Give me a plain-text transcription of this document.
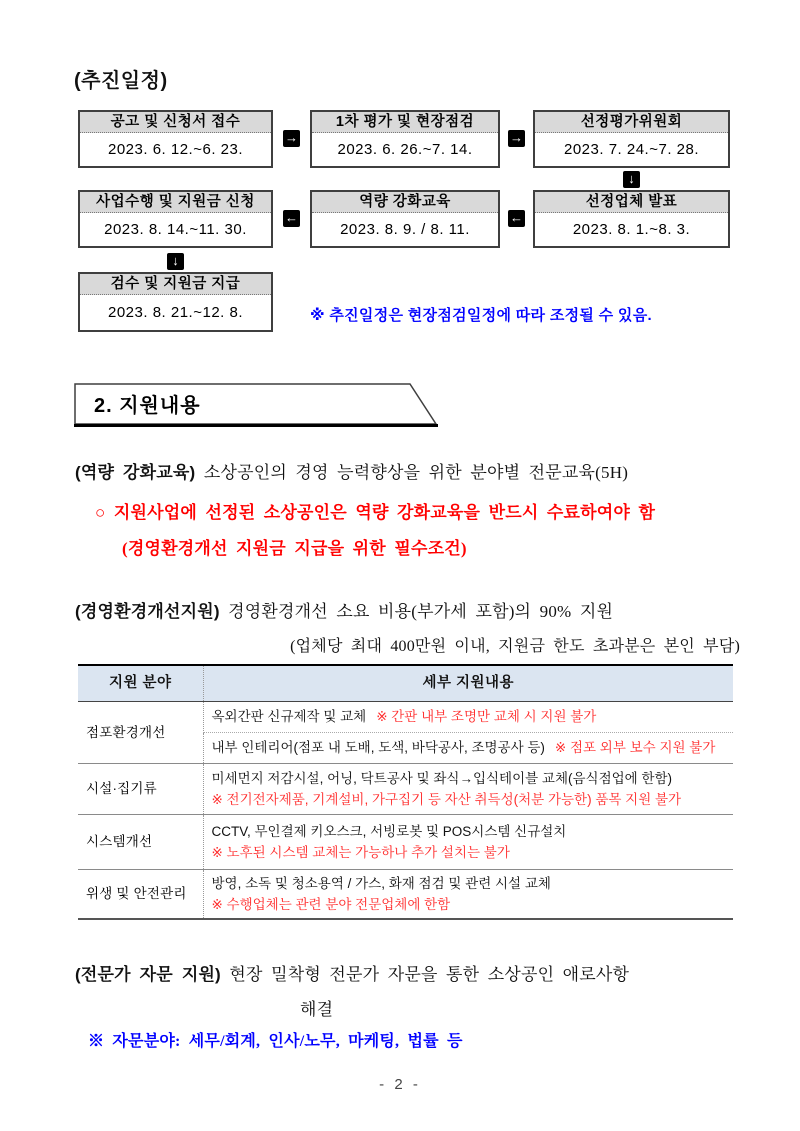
(추진일정)
공고 및 신청서 접수
2023. 6. 12.~6. 23.
1차 평가 및 현장점검
2023. 6. 26.~7. 14.
선정평가위원회
2023. 7. 24.~7. 28.
사업수행 및 지원금 신청
2023. 8. 14.~11. 30.
역량 강화교육
2023. 8. 9. / 8. 11.
선정업체 발표
2023. 8. 1.~8. 3.
검수 및 지원금 지급
2023. 8. 21.~12. 8.
→	→
↓
←	←
↓
※ 추진일정은 현장점검일정에 따라 조정될 수 있음.
2. 지원내용
(역량 강화교육) 소상공인의 경영 능력향상을 위한 분야별 전문교육(5H)
○ 지원사업에 선정된 소상공인은 역량 강화교육을 반드시 수료하여야 함
(경영환경개선 지원금 지급을 위한 필수조건)
(경영환경개선지원) 경영환경개선 소요 비용(부가세 포함)의 90% 지원
(업체당 최대 400만원 이내, 지원금 한도 초과분은 본인 부담)
지원 분야	세부 지원내용
점포환경개선	옥외간판 신규제작 및 교체 ※ 간판 내부 조명만 교체 시 지원 불가
	내부 인테리어(점포 내 도배, 도색, 바닥공사, 조명공사 등) ※ 점포 외부 보수 지원 불가
시설·집기류	미세먼지 저감시설, 어닝, 닥트공사 및 좌식→입식테이블 교체(음식점업에 한함)
※ 전기전자제품, 기계설비, 가구집기 등 자산 취득성(처분 가능한) 품목 지원 불가

시스템개선	CCTV, 무인결제 키오스크, 서빙로봇 및 POS시스템 신규설치
※ 노후된 시스템 교체는 가능하나 추가 설치는 불가

위생 및 안전관리	방영, 소독 및 청소용역 / 가스, 화재 점검 및 관련 시설 교체
※ 수행업체는 관련 분야 전문업체에 한함
(전문가 자문 지원) 현장 밀착형 전문가 자문을 통한 소상공인 애로사항
해결
※ 자문분야: 세무/회계, 인사/노무, 마케팅, 법률 등
- 2 -
